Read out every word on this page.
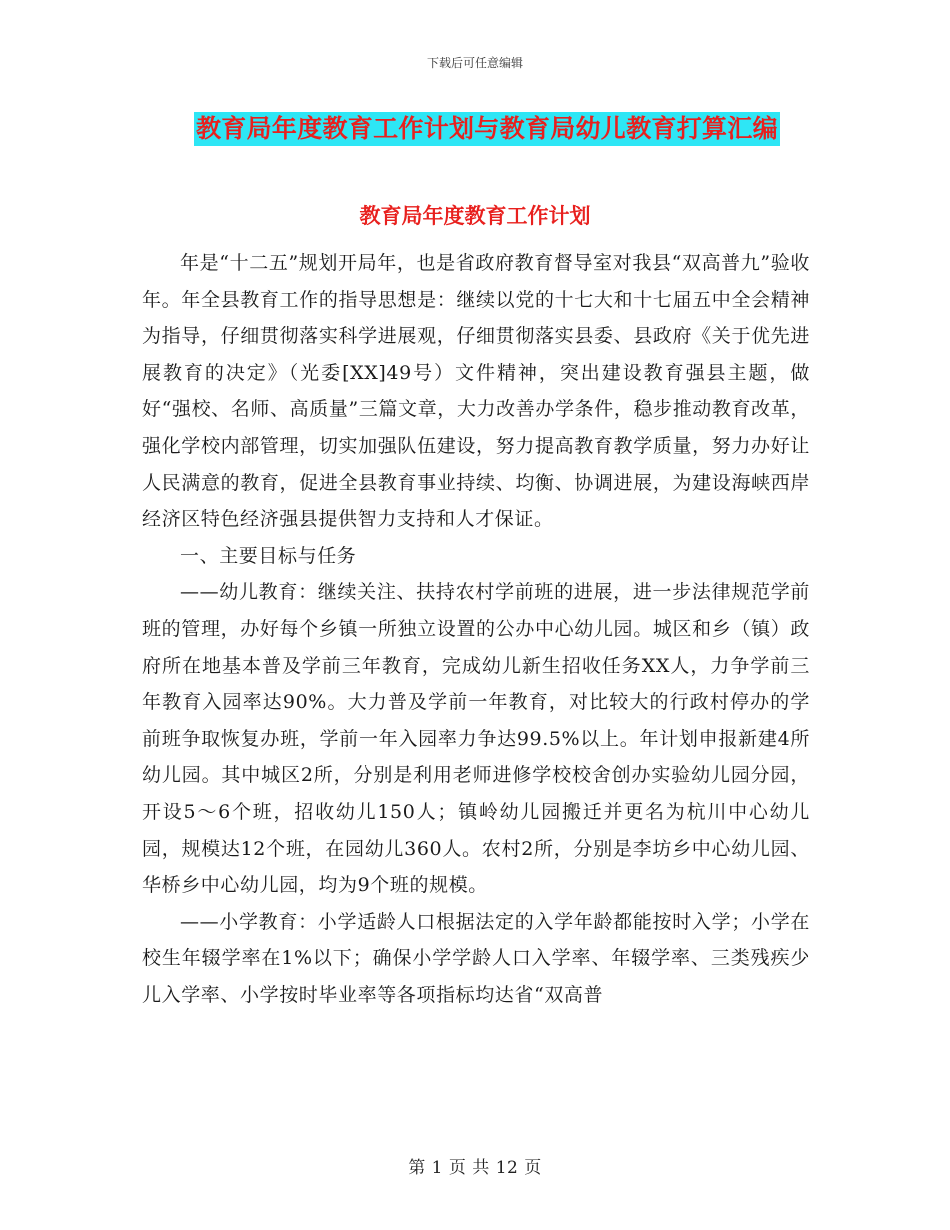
下载后可任意编辑
教育局年度教育工作计划与教育局幼儿教育打算汇编
教育局年度教育工作计划

年是“十二五”规划开局年，也是省政府教育督导室对我县“双高普九”验收年。年全县教育工作的指导思想是：继续以党的十七大和十七届五中全会精神为指导，仔细贯彻落实科学进展观，仔细贯彻落实县委、县政府《关于优先进展教育的决定》（光委[XX]49号）文件精神，突出建设教育强县主题，做好“强校、名师、高质量”三篇文章，大力改善办学条件，稳步推动教育改革，强化学校内部管理，切实加强队伍建设，努力提高教育教学质量，努力办好让人民满意的教育，促进全县教育事业持续、均衡、协调进展，为建设海峡西岸经济区特色经济强县提供智力支持和人才保证。

一、主要目标与任务

——幼儿教育：继续关注、扶持农村学前班的进展，进一步法律规范学前班的管理，办好每个乡镇一所独立设置的公办中心幼儿园。城区和乡（镇）政府所在地基本普及学前三年教育，完成幼儿新生招收任务XX人，力争学前三年教育入园率达90%。大力普及学前一年教育，对比较大的行政村停办的学前班争取恢复办班，学前一年入园率力争达99.5%以上。年计划申报新建4所幼儿园。其中城区2所，分别是利用老师进修学校校舍创办实验幼儿园分园，开设5～6个班，招收幼儿150人；镇岭幼儿园搬迁并更名为杭川中心幼儿园，规模达12个班，在园幼儿360人。农村2所，分别是李坊乡中心幼儿园、华桥乡中心幼儿园，均为9个班的规模。

——小学教育：小学适龄人口根据法定的入学年龄都能按时入学；小学在校生年辍学率在1%以下；确保小学学龄人口入学率、年辍学率、三类残疾少儿入学率、小学按时毕业率等各项指标均达省“双高普

第 1 页 共 12 页
